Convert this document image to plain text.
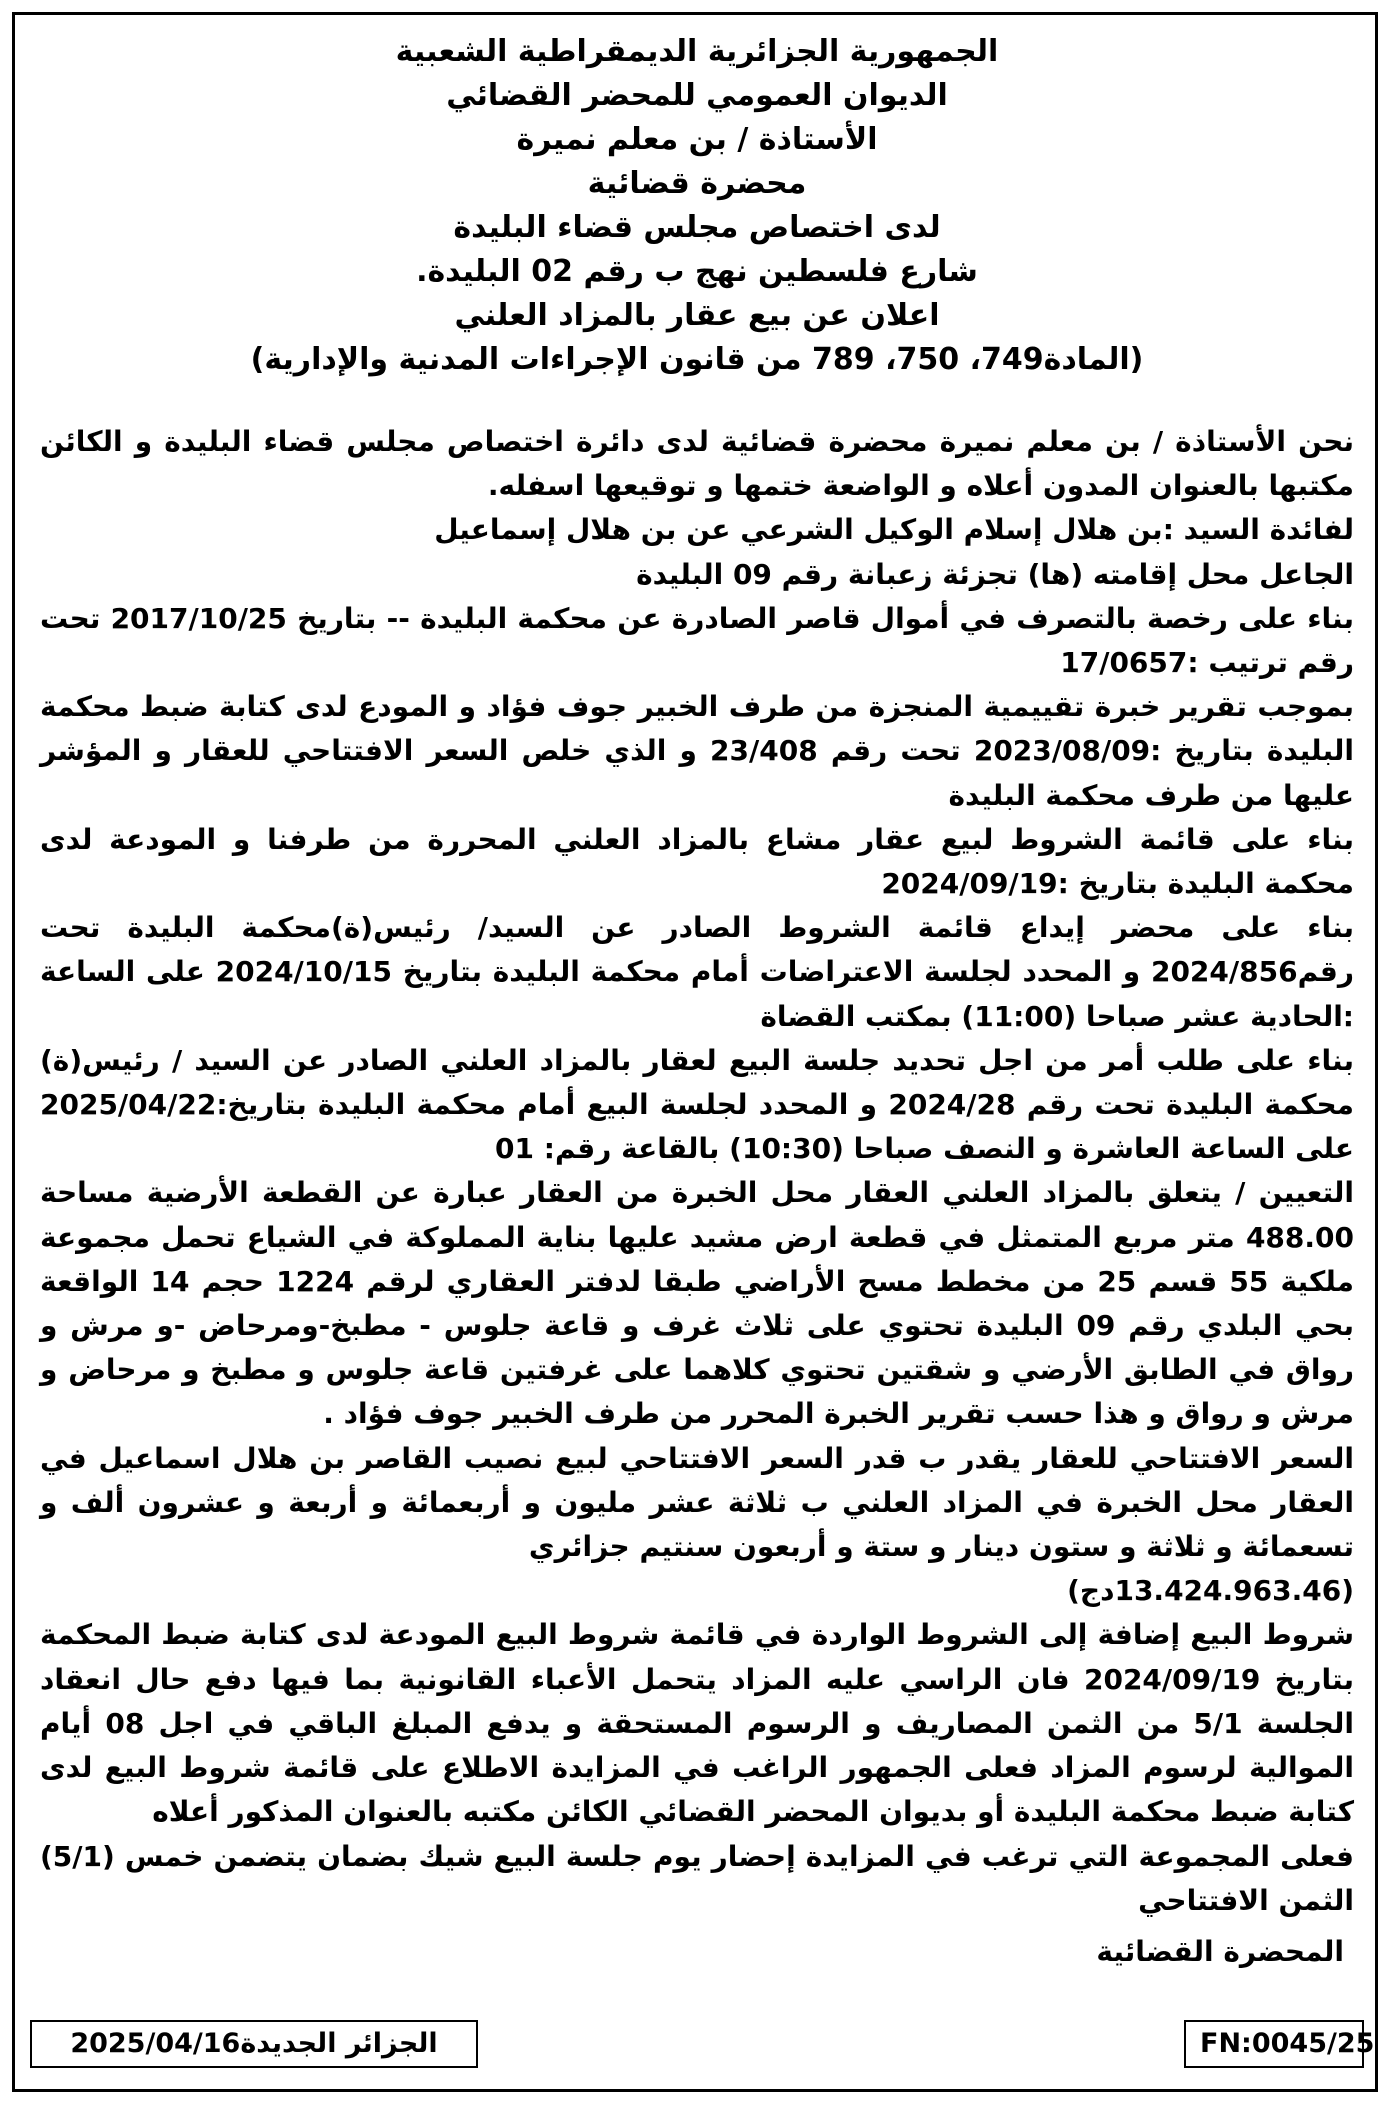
الجمهورية الجزائرية الديمقراطية الشعبية
الديوان العمومي للمحضر القضائي
الأستاذة / بن معلم نميرة
محضرة قضائية
لدى اختصاص مجلس قضاء البليدة
شارع فلسطين نهج ب رقم 02 البليدة.
اعلان عن بيع عقار بالمزاد العلني
(المادة749، 750، 789 من قانون الإجراءات المدنية والإدارية)

نحن الأستاذة / بن معلم نميرة محضرة قضائية لدى دائرة اختصاص مجلس قضاء البليدة و الكائن مكتبها بالعنوان المدون أعلاه و الواضعة ختمها و توقيعها اسفله.

لفائدة السيد :بن هلال إسلام الوكيل الشرعي عن بن هلال إسماعيل

الجاعل محل إقامته (ها) تجزئة زعبانة رقم 09 البليدة

بناء على رخصة بالتصرف في أموال قاصر الصادرة عن محكمة البليدة -- بتاريخ 2017/10/25 تحت رقم ترتيب :17/0657

بموجب تقرير خبرة تقييمية المنجزة من طرف الخبير جوف فؤاد و المودع لدى كتابة ضبط محكمة البليدة بتاريخ :2023/08/09 تحت رقم 23/408 و الذي خلص السعر الافتتاحي للعقار و المؤشر عليها من طرف محكمة البليدة

بناء على قائمة الشروط لبيع عقار مشاع بالمزاد العلني المحررة من طرفنا و المودعة لدى محكمة البليدة بتاريخ :2024/09/19

بناء على محضر إيداع قائمة الشروط الصادر عن السيد/ رئيس(ة)محكمة البليدة تحت رقم2024/856 و المحدد لجلسة الاعتراضات أمام محكمة البليدة بتاريخ 2024/10/15 على الساعة :الحادية عشر صباحا (11:00) بمكتب القضاة

بناء على طلب أمر من اجل تحديد جلسة البيع لعقار بالمزاد العلني الصادر عن السيد / رئيس(ة) محكمة البليدة تحت رقم 2024/28 و المحدد لجلسة البيع أمام محكمة البليدة بتاريخ:2025/04/22 على الساعة العاشرة و النصف صباحا (10:30) بالقاعة رقم: 01

التعيين / يتعلق بالمزاد العلني العقار محل الخبرة من العقار عبارة عن القطعة الأرضية مساحة 488.00 متر مربع المتمثل في قطعة ارض مشيد عليها بناية المملوكة في الشياع تحمل مجموعة ملكية 55 قسم 25 من مخطط مسح الأراضي طبقا لدفتر العقاري لرقم 1224 حجم 14 الواقعة بحي البلدي رقم 09 البليدة تحتوي على ثلاث غرف و قاعة جلوس - مطبخ-ومرحاض -و مرش و رواق في الطابق الأرضي و شقتين تحتوي كلاهما على غرفتين قاعة جلوس و مطبخ و مرحاض و مرش و رواق و هذا حسب تقرير الخبرة المحرر من طرف الخبير جوف فؤاد .

السعر الافتتاحي للعقار يقدر ب قدر السعر الافتتاحي لبيع نصيب القاصر بن هلال اسماعيل في العقار محل الخبرة في المزاد العلني ب ثلاثة عشر مليون و أربعمائة و أربعة و عشرون ألف و تسعمائة و ثلاثة و ستون دينار و ستة و أربعون سنتيم جزائري

(13.424.963.46دج)

شروط البيع إضافة إلى الشروط الواردة في قائمة شروط البيع المودعة لدى كتابة ضبط المحكمة بتاريخ 2024/09/19 فان الراسي عليه المزاد يتحمل الأعباء القانونية بما فيها دفع حال انعقاد الجلسة 5/1 من الثمن المصاريف و الرسوم المستحقة و يدفع المبلغ الباقي في اجل 08 أيام الموالية لرسوم المزاد فعلى الجمهور الراغب في المزايدة الاطلاع على قائمة شروط البيع لدى كتابة ضبط محكمة البليدة أو بديوان المحضر القضائي الكائن مكتبه بالعنوان المذكور أعلاه

فعلى المجموعة التي ترغب في المزايدة إحضار يوم جلسة البيع شيك بضمان يتضمن خمس (5/1) الثمن الافتتاحي

المحضرة القضائية
الجزائر الجديدة2025/04/16	FN:0045/25
